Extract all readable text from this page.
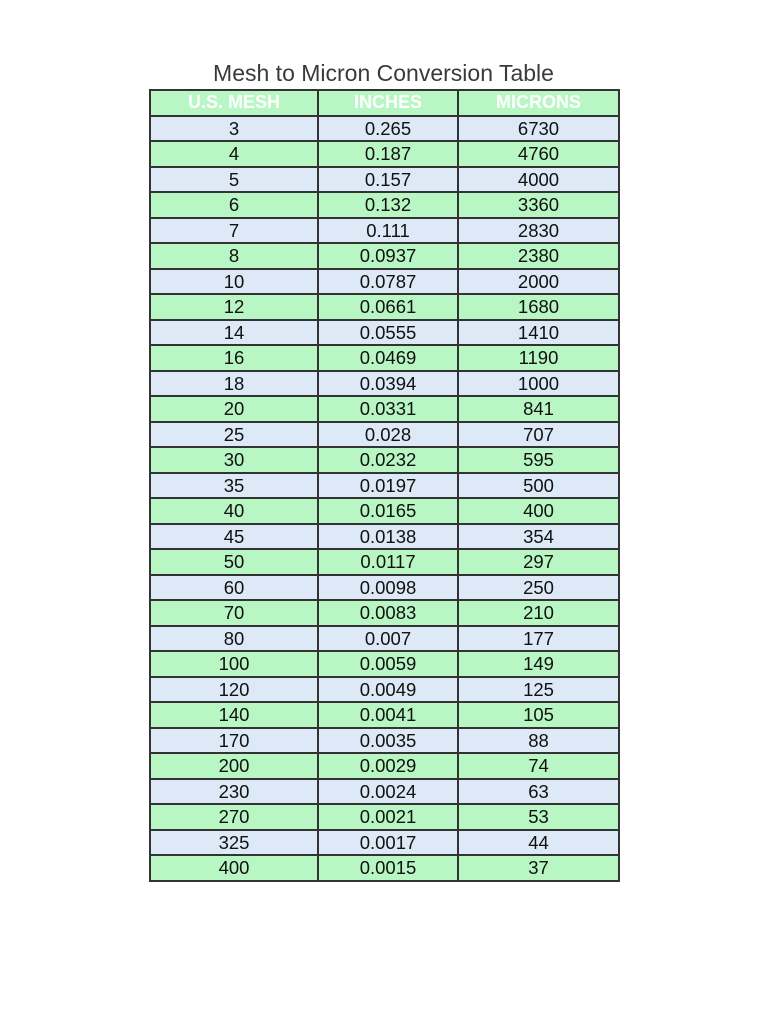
Mesh to Micron Conversion Table
U.S. MESH	INCHES	MICRONS
3	0.265	6730
4	0.187	4760
5	0.157	4000
6	0.132	3360
7	0.111	2830
8	0.0937	2380
10	0.0787	2000
12	0.0661	1680
14	0.0555	1410
16	0.0469	1190
18	0.0394	1000
20	0.0331	841
25	0.028	707
30	0.0232	595
35	0.0197	500
40	0.0165	400
45	0.0138	354
50	0.0117	297
60	0.0098	250
70	0.0083	210
80	0.007	177
100	0.0059	149
120	0.0049	125
140	0.0041	105
170	0.0035	88
200	0.0029	74
230	0.0024	63
270	0.0021	53
325	0.0017	44
400	0.0015	37
